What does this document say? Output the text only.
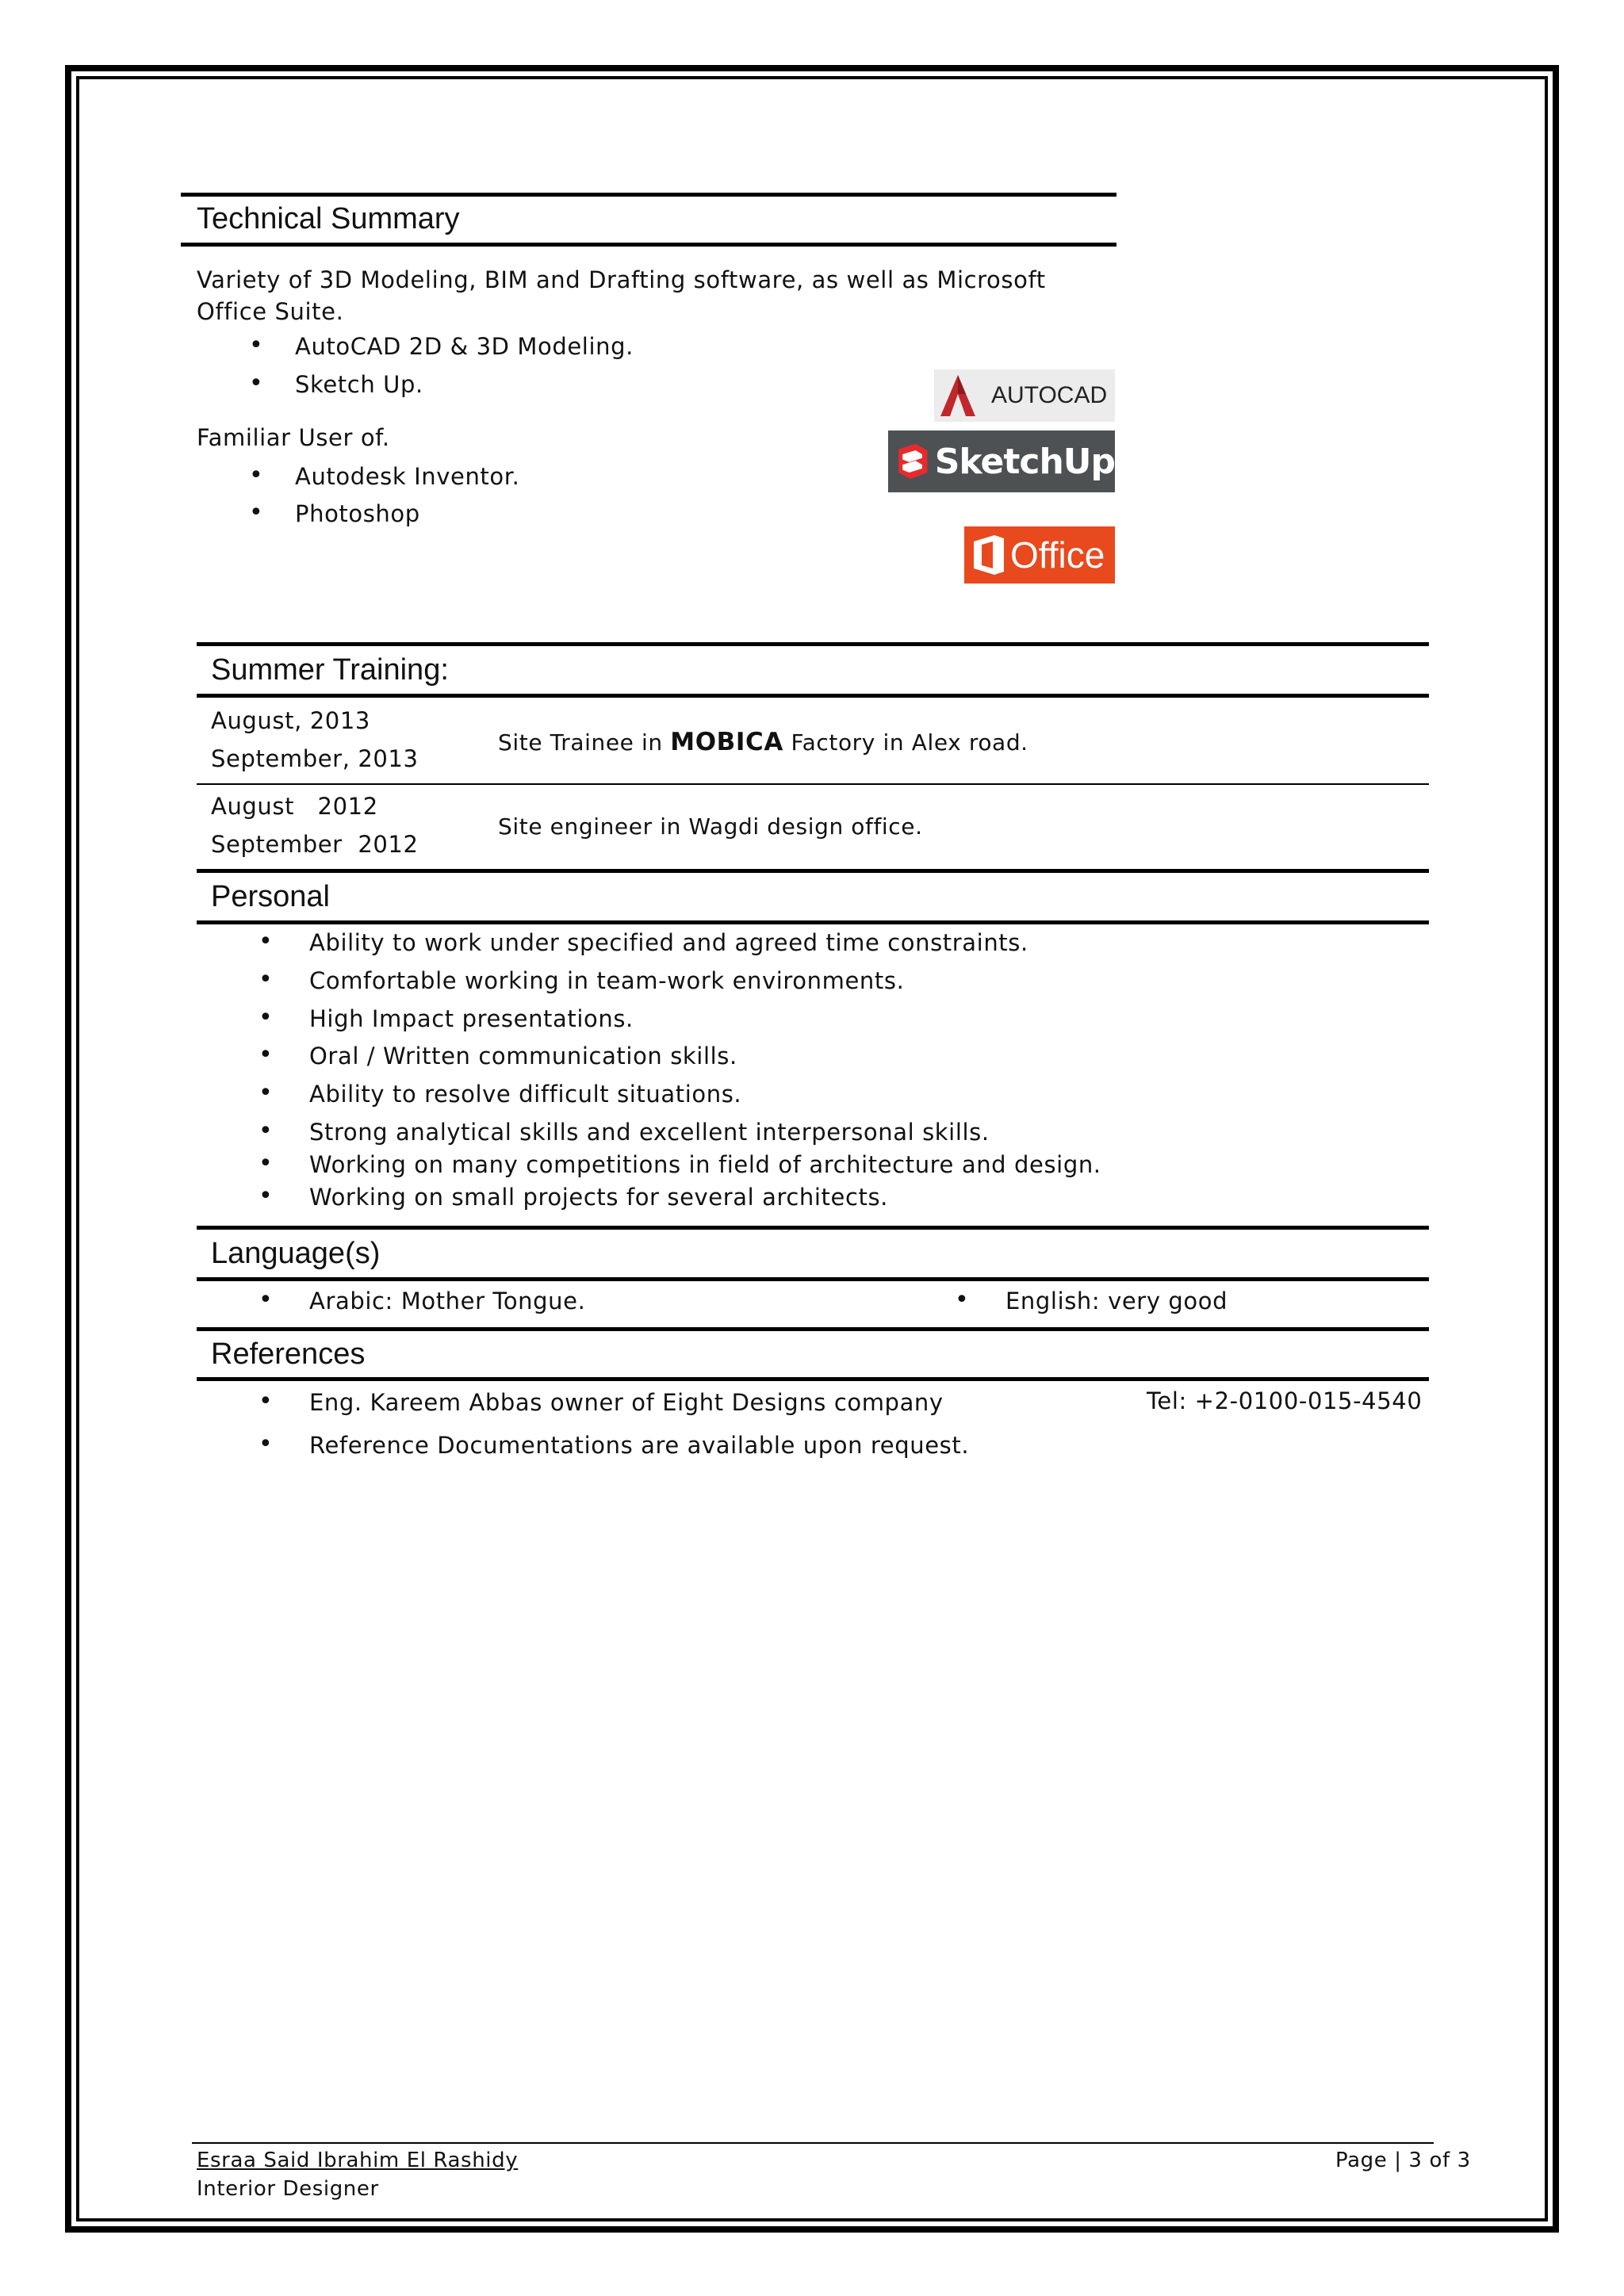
Technical Summary
Variety of 3D Modeling, BIM and Drafting software, as well as Microsoft
Office Suite.
• AutoCAD 2D & 3D Modeling.
• Sketch Up.
Familiar User of.
• Autodesk Inventor.
• Photoshop
AUTOCAD
SketchUp
Office
Summer Training:
August, 2013
September, 2013
Site Trainee in MOBICA Factory in Alex road.
August   2012
September  2012
Site engineer in Wagdi design office.
Personal
• Ability to work under specified and agreed time constraints.
• Comfortable working in team-work environments.
• High Impact presentations.
• Oral / Written communication skills.
• Ability to resolve difficult situations.
• Strong analytical skills and excellent interpersonal skills.
• Working on many competitions in field of architecture and design.
• Working on small projects for several architects.
Language(s)
• Arabic: Mother Tongue.	• English: very good
References
• Eng. Kareem Abbas owner of Eight Designs company	Tel: +2-0100-015-4540
• Reference Documentations are available upon request.
Esraa Said Ibrahim El Rashidy
Interior Designer
Page | 3 of 3
